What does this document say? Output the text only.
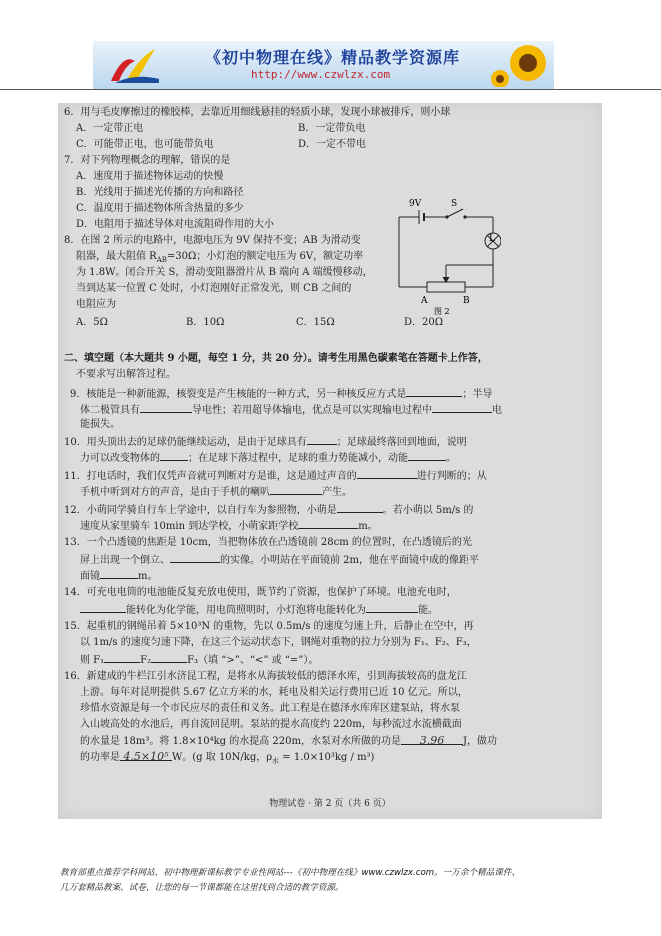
《初中物理在线》精品教学资源库
http://www.czwlzx.com
6．用与毛皮摩擦过的橡胶棒，去靠近用细线悬挂的轻质小球，发现小球被排斥，则小球
A．一定带正电	B．一定带负电
C．可能带正电，也可能带负电	D．一定不带电
7．对下列物理概念的理解，错误的是
A．速度用于描述物体运动的快慢
B．光线用于描述光传播的方向和路径
C．温度用于描述物体所含热量的多少
D．电阻用于描述导体对电流阻碍作用的大小
8．在图 2 所示的电路中，电源电压为 9V 保持不变；AB 为滑动变
阻器，最大阻值 $R_{AB}=30\Omega$；小灯泡的额定电压为 6V，额定功率
为 1.8W。闭合开关 S，滑动变阻器滑片从 B 端向 A 端缓慢移动，
当到达某一位置 C 处时，小灯泡刚好正常发光，则 CB 之间的
电阻应为
A．5Ω	B．10Ω	C．15Ω	D．20Ω
9V	S
L
A	B
图 2
二、填空题（本大题共 9 小题，每空 1 分，共 20 分）。请考生用黑色碳素笔在答题卡上作答，
不要求写出解答过程。
9．核能是一种新能源，核裂变是产生核能的一种方式，另一种核反应方式是	；半导
体二极管具有	导电性；若用超导体输电，优点是可以实现输电过程中	电
能损失。
10．用头顶出去的足球仍能继续运动，是由于足球具有	；足球最终落回到地面，说明
力可以改变物体的	；在足球下落过程中，足球的重力势能减小，动能	。
11．打电话时，我们仅凭声音就可判断对方是谁，这是通过声音的	进行判断的；从
手机中听到对方的声音，是由于手机的喇叭	产生。
12．小萌同学骑自行车上学途中，以自行车为参照物，小萌是	。若小萌以 5m/s 的
速度从家里骑车 10min 到达学校，小萌家距学校	m。
13．一个凸透镜的焦距是 10cm，当把物体放在凸透镜前 28cm 的位置时，在凸透镜后的光
屏上出现一个倒立、	的实像。小明站在平面镜前 2m，他在平面镜中成的像距平
面镜	m。
14．可充电电筒的电池能反复充放电使用，既节约了资源，也保护了环境。电池充电时，
能转化为化学能，用电筒照明时，小灯泡将电能转化为	能。
15．起重机的钢绳吊着 5×10³N 的重物，先以 0.5m/s 的速度匀速上升，后静止在空中，再
以 1m/s 的速度匀速下降，在这三个运动状态下，钢绳对重物的拉力分别为 F₁、F₂、F₃，
则 F₁	F₂	F₃（填 “>”、“<” 或 “=”）。
16．新建成的牛栏江引水济昆工程，是将水从海拔较低的德泽水库，引到海拔较高的盘龙江
上游。每年对昆明提供 5.67 亿立方米的水，耗电及相关运行费用已近 10 亿元。所以，
珍惜水资源是每一个市民应尽的责任和义务。此工程是在德泽水库库区建泵站，将水泵
入山坡高处的水池后，再自流回昆明。泵站的提水高度约 220m，每秒流过水流横截面
的水量是 18m³。将 1.8×10⁴kg 的水提高 220m，水泵对水所做的功是 3.96 J，做功
的功率是 4.5×10⁵ W。(g 取 10N/kg，$\rho_水 = 1.0\times 10^3kg / m^3$)
物理试卷 · 第 2 页（共 6 页）
教育部重点推荐学科网站、初中物理新课标教学专业性网站---《初中物理在线》www.czwlzx.com。一万余个精品课件、
几万套精品教案、试卷，让您的每一节课都能在这里找到合适的教学资源。
